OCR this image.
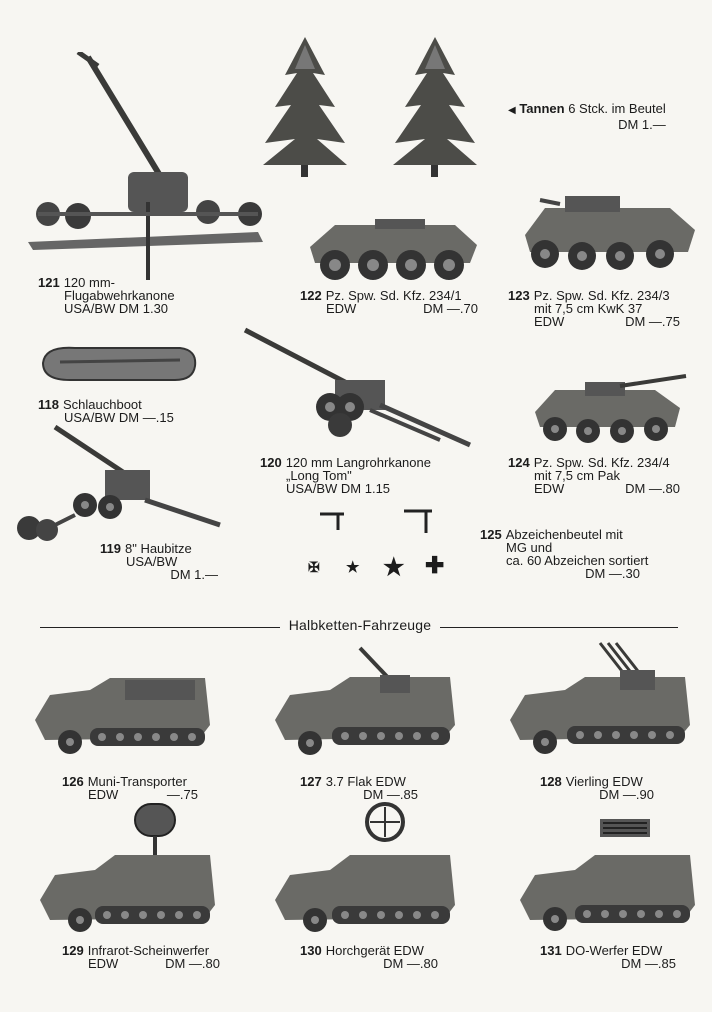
◀ Tannen 6 Stck. im Beutel
DM 1.—
121 120 mm-
Flugabwehrkanone
USA/BW DM 1.30
122 Pz. Spw. Sd. Kfz. 234/1
EDW	DM —.70
123 Pz. Spw. Sd. Kfz. 234/3
mit 7,5 cm KwK 37
EDW	DM —.75
118 Schlauchboot
USA/BW DM —.15
120 120 mm Langrohrkanone
„Long Tom"
USA/BW DM 1.15
124 Pz. Spw. Sd. Kfz. 234/4
mit 7,5 cm Pak
EDW	DM —.80
119 8" Haubitze
USA/BW
DM 1.—	✠ ★ ★ ✚
125 Abzeichenbeutel mit
MG und
ca. 60 Abzeichen sortiert
DM —.30
Halbketten-Fahrzeuge
126 Muni-Transporter
EDW	—.75
127 3.7 Flak EDW
DM —.85
128 Vierling EDW
DM —.90
129 Infrarot-Scheinwerfer
EDW	DM —.80
130 Horchgerät EDW
DM —.80
131 DO-Werfer EDW
DM —.85
